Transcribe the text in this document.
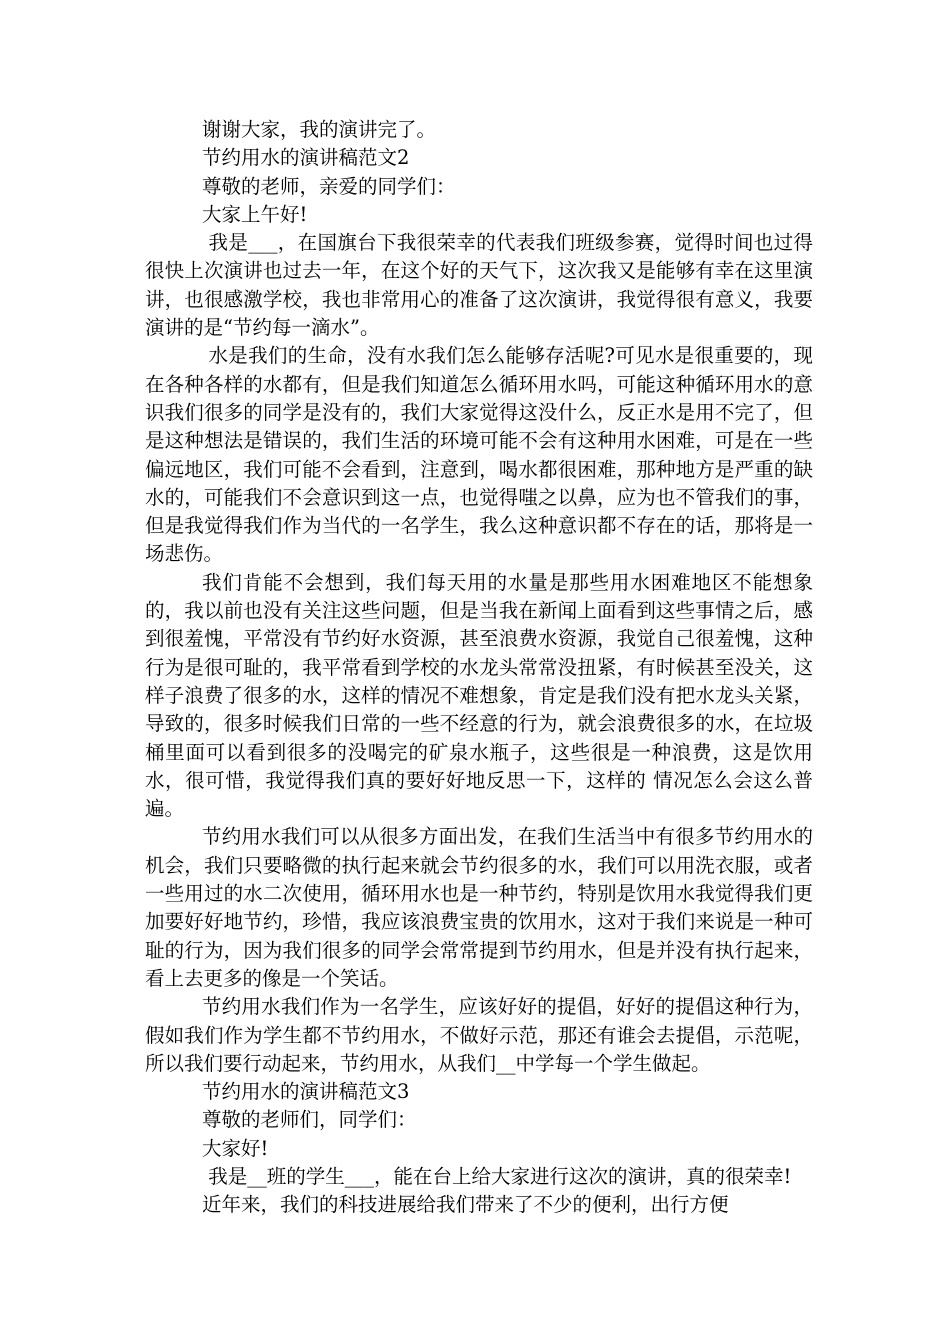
谢谢大家，我的演讲完了。

节约用水的演讲稿范文2

尊敬的老师，亲爱的同学们：

大家上午好!

我是___，在国旗台下我很荣幸的代表我们班级参赛，觉得时间也过得很快上次演讲也过去一年，在这个好的天气下，这次我又是能够有幸在这里演讲，也很感激学校，我也非常用心的准备了这次演讲，我觉得很有意义，我要演讲的是“节约每一滴水”。

水是我们的生命，没有水我们怎么能够存活呢?可见水是很重要的，现在各种各样的水都有，但是我们知道怎么循环用水吗，可能这种循环用水的意识我们很多的同学是没有的，我们大家觉得这没什么，反正水是用不完了，但是这种想法是错误的，我们生活的环境可能不会有这种用水困难，可是在一些偏远地区，我们可能不会看到，注意到，喝水都很困难，那种地方是严重的缺水的，可能我们不会意识到这一点，也觉得嗤之以鼻，应为也不管我们的事，但是我觉得我们作为当代的一名学生，我么这种意识都不存在的话，那将是一场悲伤。

我们肯能不会想到，我们每天用的水量是那些用水困难地区不能想象的，我以前也没有关注这些问题，但是当我在新闻上面看到这些事情之后，感到很羞愧，平常没有节约好水资源，甚至浪费水资源，我觉自己很羞愧，这种行为是很可耻的，我平常看到学校的水龙头常常没扭紧，有时候甚至没关，这样子浪费了很多的水，这样的情况不难想象，肯定是我们没有把水龙头关紧，导致的，很多时候我们日常的一些不经意的行为，就会浪费很多的水，在垃圾桶里面可以看到很多的没喝完的矿泉水瓶子，这些很是一种浪费，这是饮用水，很可惜，我觉得我们真的要好好地反思一下，这样的 情况怎么会这么普遍。

节约用水我们可以从很多方面出发，在我们生活当中有很多节约用水的机会，我们只要略微的执行起来就会节约很多的水，我们可以用洗衣服，或者一些用过的水二次使用，循环用水也是一种节约，特别是饮用水我觉得我们更加要好好地节约，珍惜，我应该浪费宝贵的饮用水，这对于我们来说是一种可耻的行为，因为我们很多的同学会常常提到节约用水，但是并没有执行起来，看上去更多的像是一个笑话。

节约用水我们作为一名学生，应该好好的提倡，好好的提倡这种行为，假如我们作为学生都不节约用水，不做好示范，那还有谁会去提倡，示范呢，所以我们要行动起来，节约用水，从我们__中学每一个学生做起。

节约用水的演讲稿范文3

尊敬的老师们，同学们：

大家好!

我是__班的学生___，能在台上给大家进行这次的演讲，真的很荣幸!

近年来，我们的科技进展给我们带来了不少的便利，出行方便
